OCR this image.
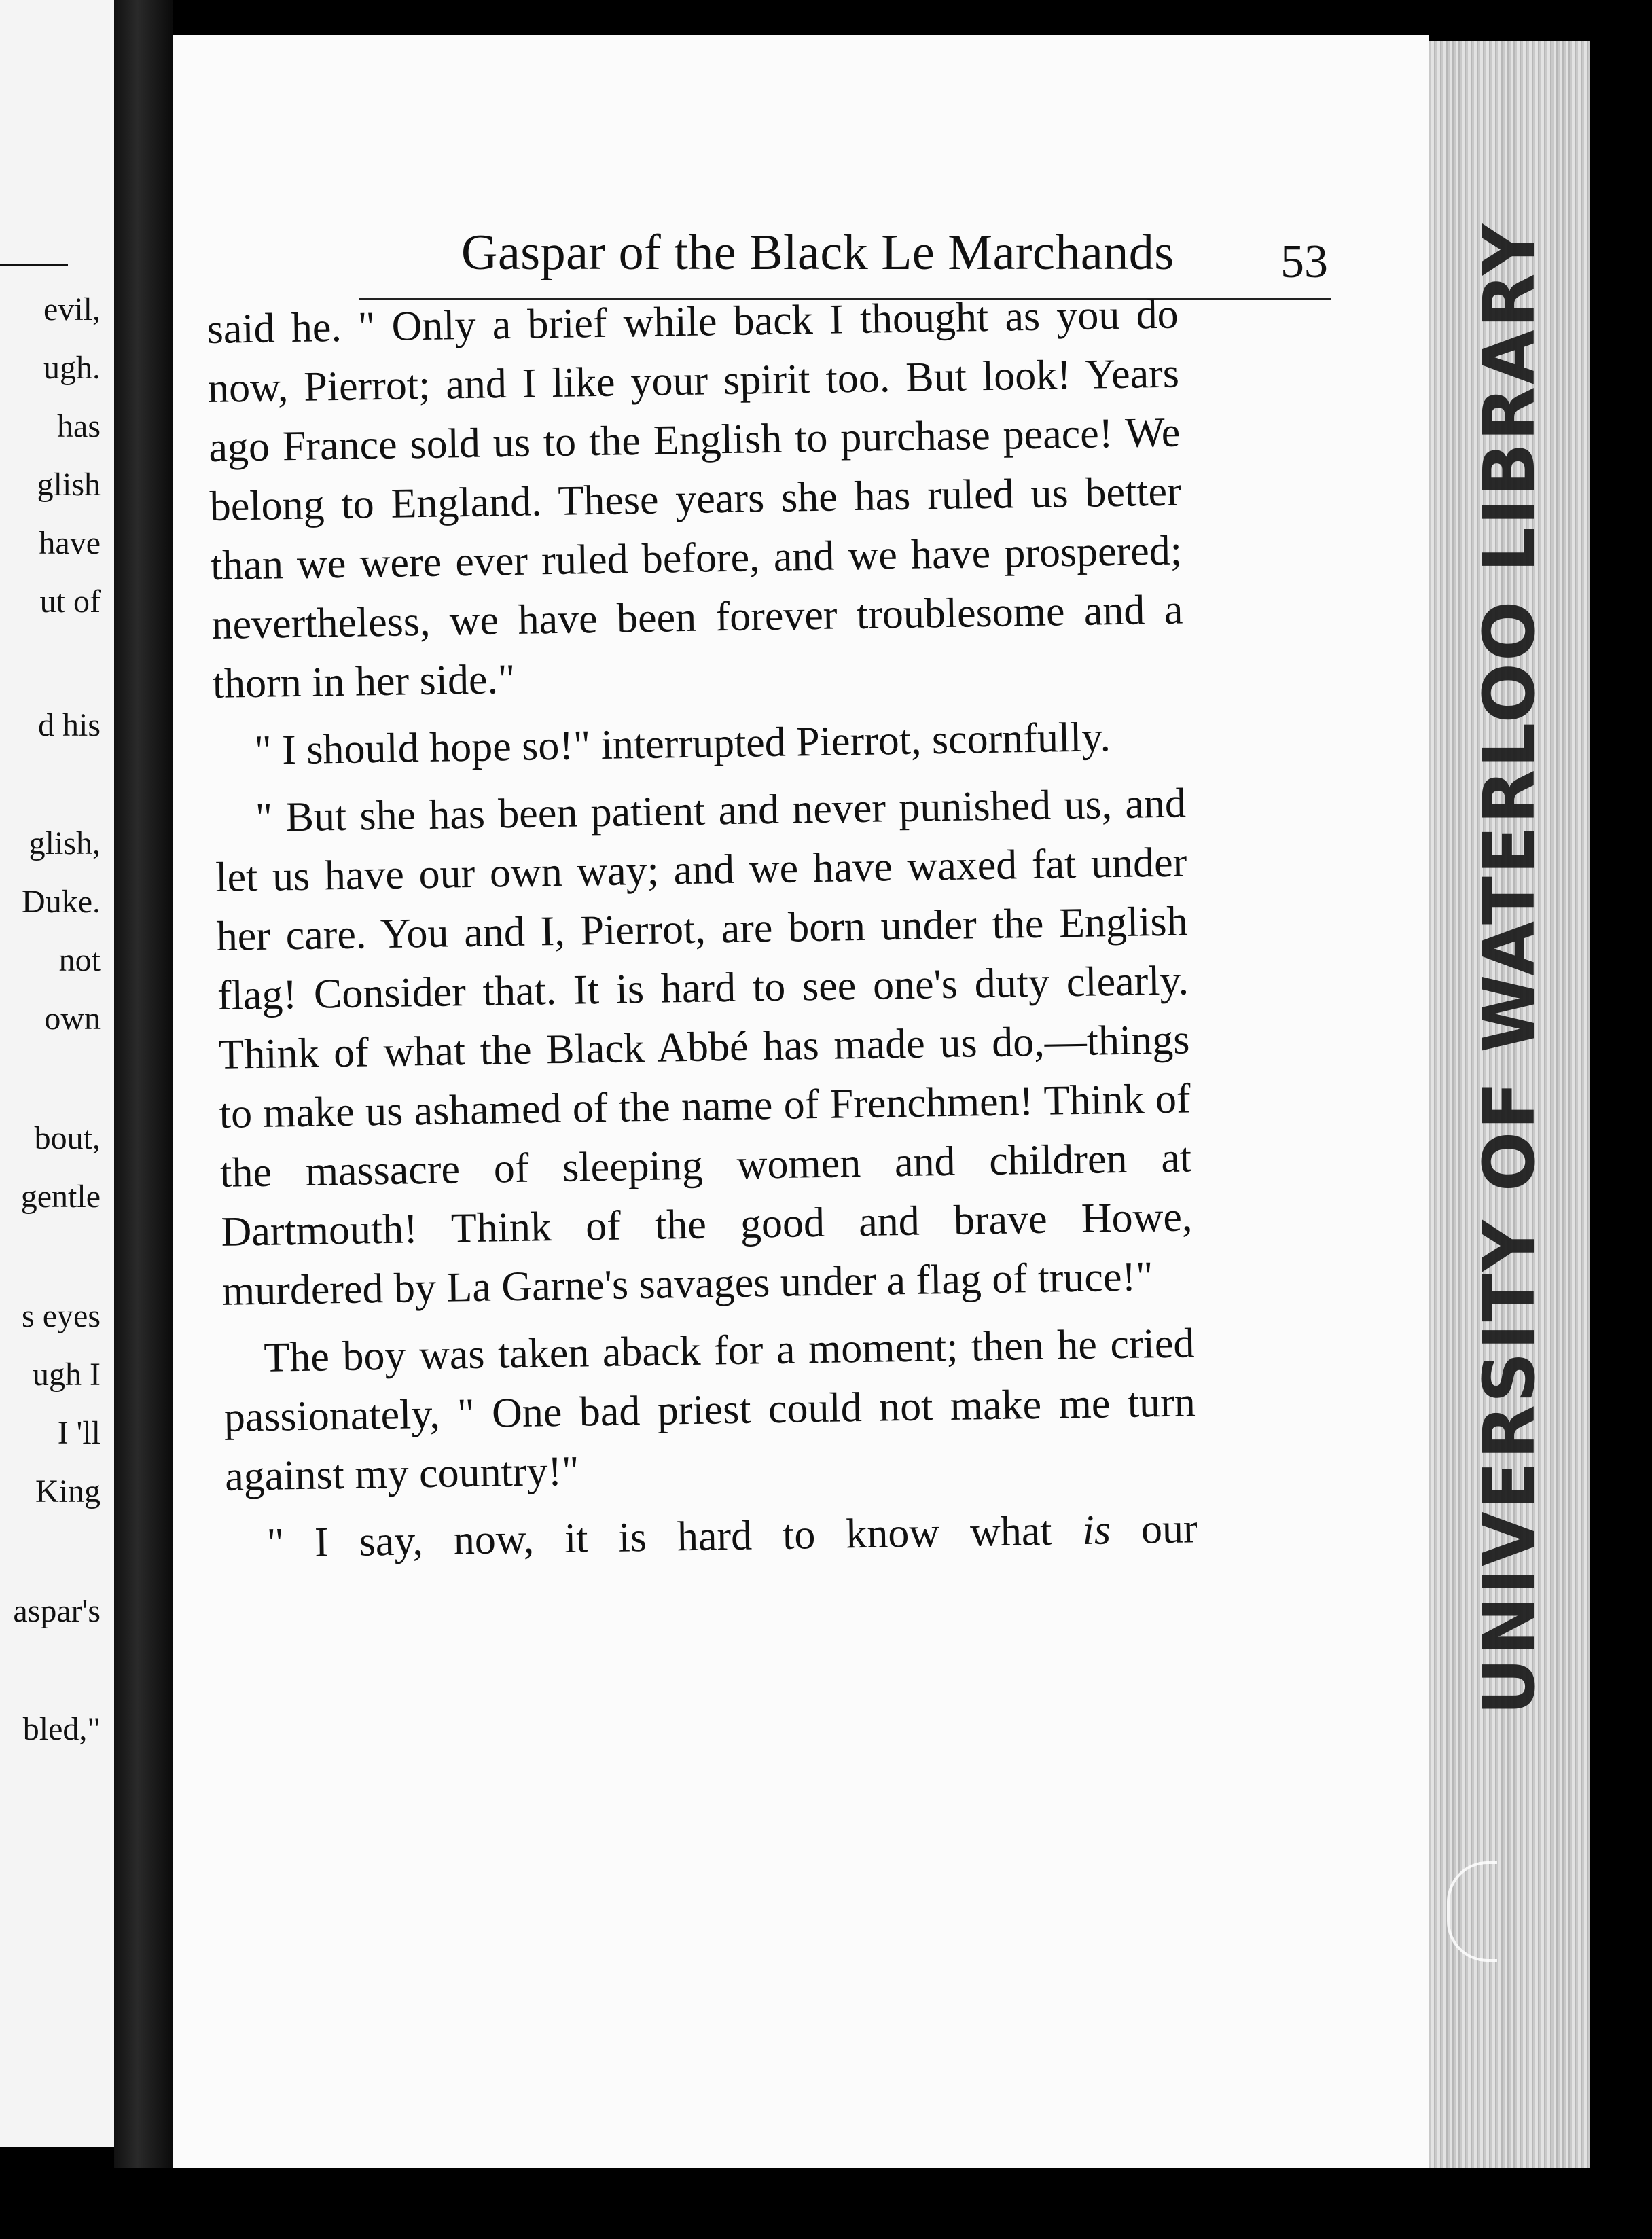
evil,
ugh.
has
glish
have
ut of
d his
glish,
Duke.
not
own
bout,
gentle
s eyes
ugh I
I 'll
King
aspar's
bled,"
Gaspar of the Black Le Marchands 53

said he. " Only a brief while back I thought as you do now, Pierrot; and I like your spirit too. But look! Years ago France sold us to the English to purchase peace! We belong to England. These years she has ruled us better than we were ever ruled before, and we have prospered; nevertheless, we have been forever troublesome and a thorn in her side."

" I should hope so!" interrupted Pierrot, scornfully.

" But she has been patient and never punished us, and let us have our own way; and we have waxed fat under her care. You and I, Pierrot, are born under the English flag! Consider that. It is hard to see one's duty clearly. Think of what the Black Abbé has made us do,—things to make us ashamed of the name of Frenchmen! Think of the massacre of sleeping women and children at Dartmouth! Think of the good and brave Howe, murdered by La Garne's savages under a flag of truce!"

The boy was taken aback for a moment; then he cried passionately, " One bad priest could not make me turn against my country!"

" I say, now, it is hard to know what is our	UNIVERSITY OF WATERLOO LIBRARY
